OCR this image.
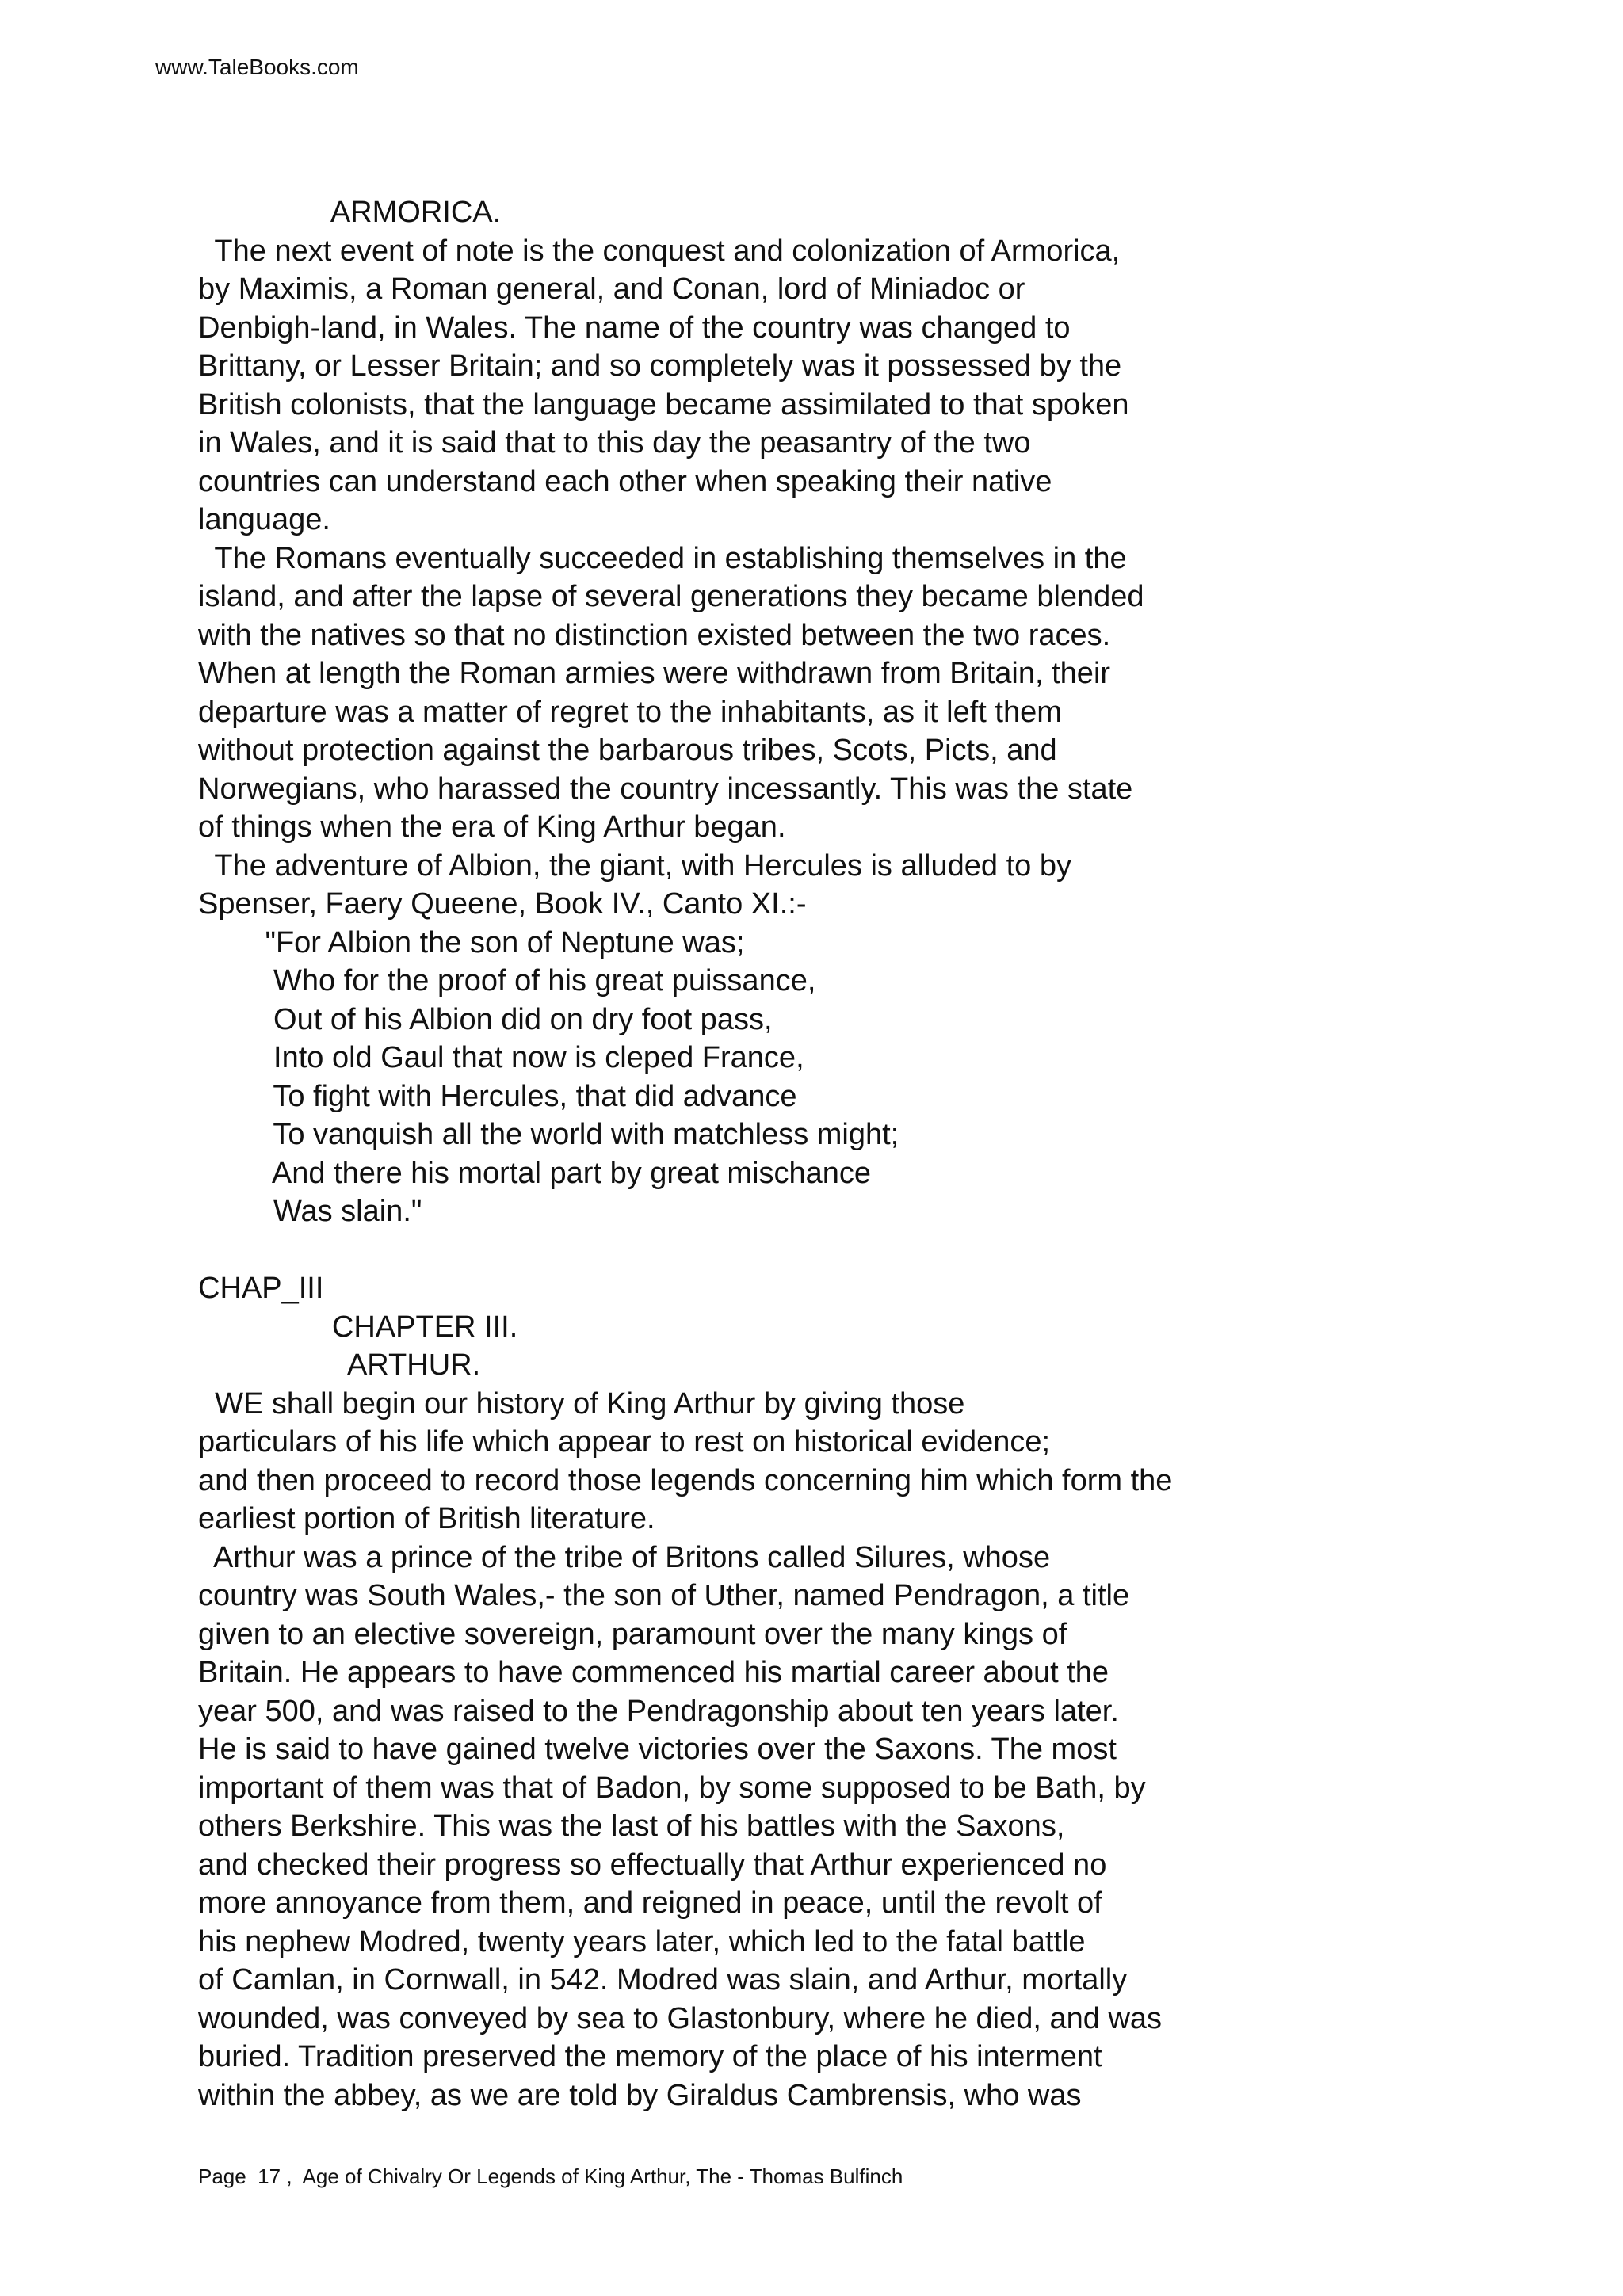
www.TaleBooks.com
ARMORICA.
The next event of note is the conquest and colonization of Armorica,
by Maximis, a Roman general, and Conan, lord of Miniadoc or
Denbigh-land, in Wales. The name of the country was changed to
Brittany, or Lesser Britain; and so completely was it possessed by the
British colonists, that the language became assimilated to that spoken
in Wales, and it is said that to this day the peasantry of the two
countries can understand each other when speaking their native
language.
The Romans eventually succeeded in establishing themselves in the
island, and after the lapse of several generations they became blended
with the natives so that no distinction existed between the two races.
When at length the Roman armies were withdrawn from Britain, their
departure was a matter of regret to the inhabitants, as it left them
without protection against the barbarous tribes, Scots, Picts, and
Norwegians, who harassed the country incessantly. This was the state
of things when the era of King Arthur began.
The adventure of Albion, the giant, with Hercules is alluded to by
Spenser, Faery Queene, Book IV., Canto XI.:-
"For Albion the son of Neptune was;
Who for the proof of his great puissance,
Out of his Albion did on dry foot pass,
Into old Gaul that now is cleped France,
To fight with Hercules, that did advance
To vanquish all the world with matchless might;
And there his mortal part by great mischance
Was slain."
CHAP_III
CHAPTER III.
ARTHUR.
WE shall begin our history of King Arthur by giving those
particulars of his life which appear to rest on historical evidence;
and then proceed to record those legends concerning him which form the
earliest portion of British literature.
Arthur was a prince of the tribe of Britons called Silures, whose
country was South Wales,- the son of Uther, named Pendragon, a title
given to an elective sovereign, paramount over the many kings of
Britain. He appears to have commenced his martial career about the
year 500, and was raised to the Pendragonship about ten years later.
He is said to have gained twelve victories over the Saxons. The most
important of them was that of Badon, by some supposed to be Bath, by
others Berkshire. This was the last of his battles with the Saxons,
and checked their progress so effectually that Arthur experienced no
more annoyance from them, and reigned in peace, until the revolt of
his nephew Modred, twenty years later, which led to the fatal battle
of Camlan, in Cornwall, in 542. Modred was slain, and Arthur, mortally
wounded, was conveyed by sea to Glastonbury, where he died, and was
buried. Tradition preserved the memory of the place of his interment
within the abbey, as we are told by Giraldus Cambrensis, who was
Page  17 ,  Age of Chivalry Or Legends of King Arthur, The - Thomas Bulfinch
